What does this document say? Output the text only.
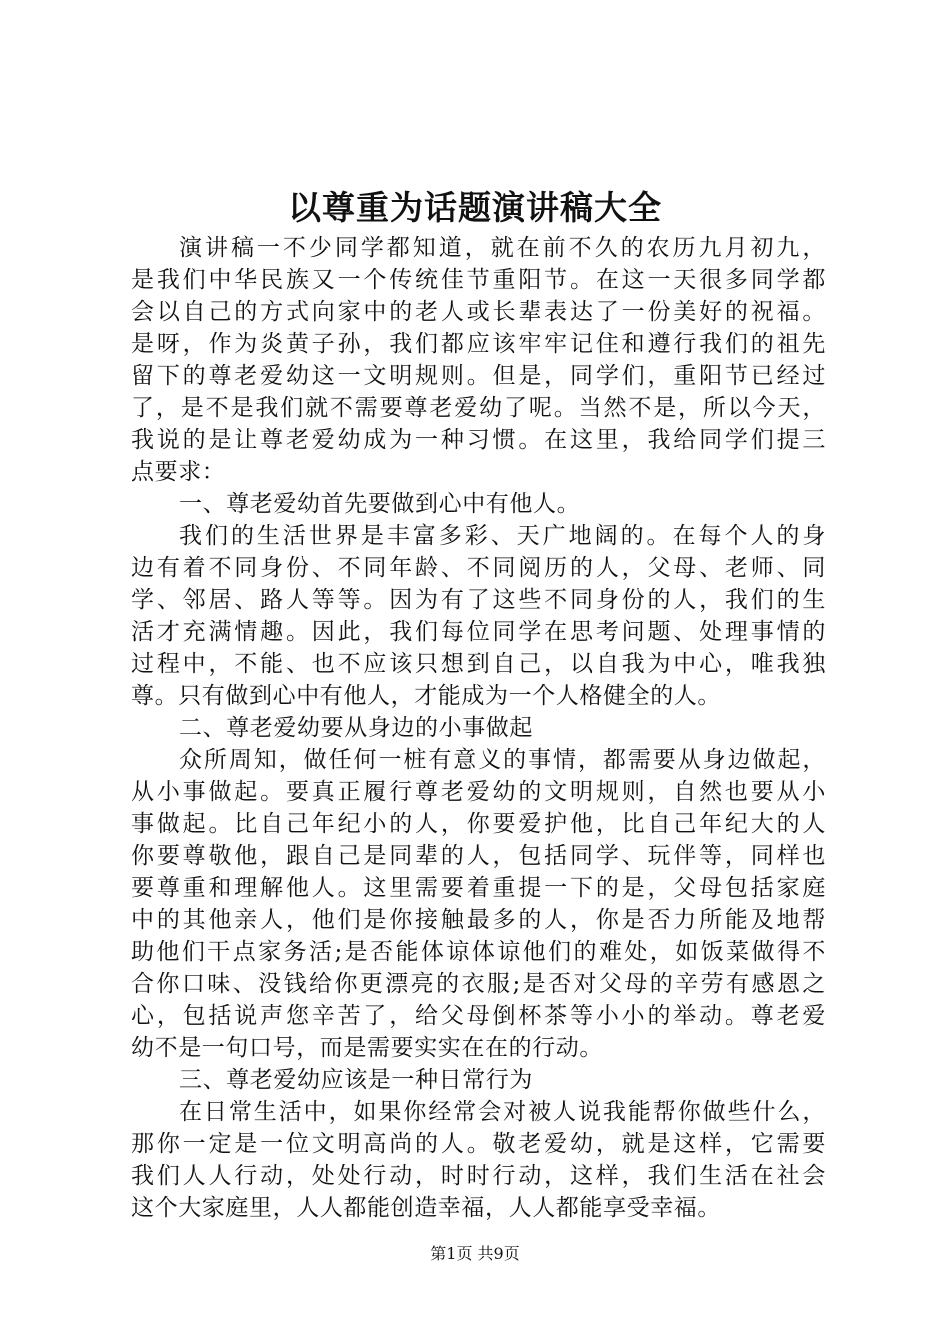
以尊重为话题演讲稿大全
演讲稿一不少同学都知道，就在前不久的农历九月初九，
是我们中华民族又一个传统佳节重阳节。在这一天很多同学都
会以自己的方式向家中的老人或长辈表达了一份美好的祝福。
是呀，作为炎黄子孙，我们都应该牢牢记住和遵行我们的祖先
留下的尊老爱幼这一文明规则。但是，同学们，重阳节已经过
了，是不是我们就不需要尊老爱幼了呢。当然不是，所以今天，
我说的是让尊老爱幼成为一种习惯。在这里，我给同学们提三
点要求：
一、尊老爱幼首先要做到心中有他人。
我们的生活世界是丰富多彩、天广地阔的。在每个人的身
边有着不同身份、不同年龄、不同阅历的人，父母、老师、同
学、邻居、路人等等。因为有了这些不同身份的人，我们的生
活才充满情趣。因此，我们每位同学在思考问题、处理事情的
过程中，不能、也不应该只想到自己，以自我为中心，唯我独
尊。只有做到心中有他人，才能成为一个人格健全的人。
二、尊老爱幼要从身边的小事做起
众所周知，做任何一桩有意义的事情，都需要从身边做起，
从小事做起。要真正履行尊老爱幼的文明规则，自然也要从小
事做起。比自己年纪小的人，你要爱护他，比自己年纪大的人
你要尊敬他，跟自己是同辈的人，包括同学、玩伴等，同样也
要尊重和理解他人。这里需要着重提一下的是，父母包括家庭
中的其他亲人，他们是你接触最多的人，你是否力所能及地帮
助他们干点家务活;是否能体谅体谅他们的难处，如饭菜做得不
合你口味、没钱给你更漂亮的衣服;是否对父母的辛劳有感恩之
心，包括说声您辛苦了，给父母倒杯茶等小小的举动。尊老爱
幼不是一句口号，而是需要实实在在的行动。
三、尊老爱幼应该是一种日常行为
在日常生活中，如果你经常会对被人说我能帮你做些什么，
那你一定是一位文明高尚的人。敬老爱幼，就是这样，它需要
我们人人行动，处处行动，时时行动，这样，我们生活在社会
这个大家庭里，人人都能创造幸福，人人都能享受幸福。
第1页 共9页
